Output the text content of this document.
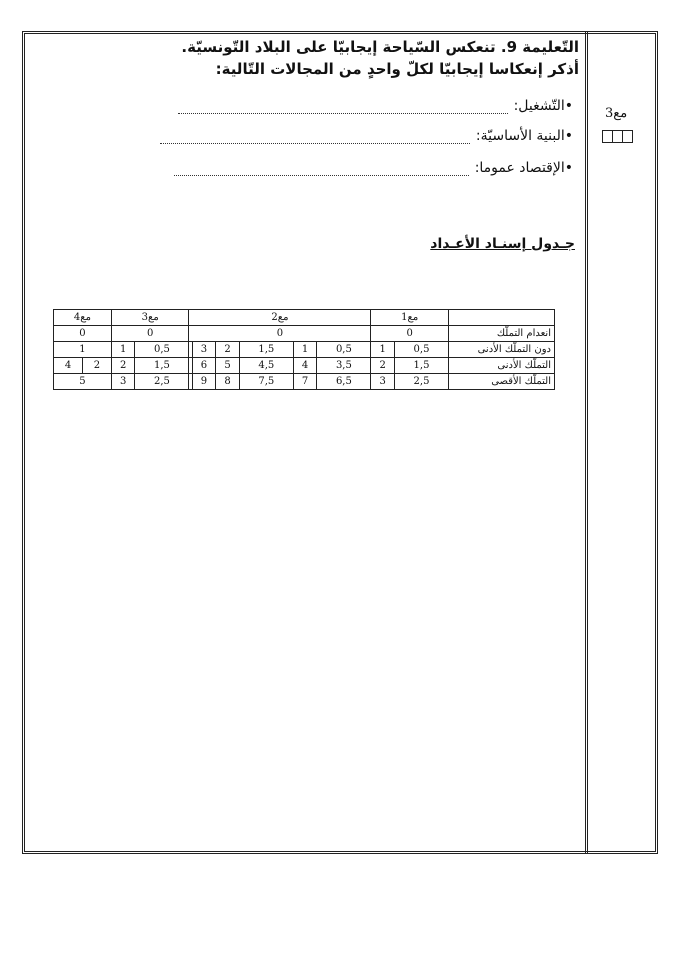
مع3
التّعليمة 9. تنعكس السّياحة إيجابيّا على البلاد التّونسيّة.
أذكر إنعكاسا إيجابيّا لكلّ واحدٍ من المجالات التّالية:
•التّشغيل:
•البنية الأساسيّة:
•الإقتصاد عموما:
جـدول إسنـاد الأعـداد
	مع1		مع2						مع3		مع4	
انعدام التملّك	0		0						0		0	
دون التملّك الأدنى	0,5	1	0,5	1	1,5	2	3		0,5	1	1	
التملّك الأدنى	1,5	2	3,5	4	4,5	5	6		1,5	2	2	4
التملّك الأقصى	2,5	3	6,5	7	7,5	8	9		2,5	3	5	
